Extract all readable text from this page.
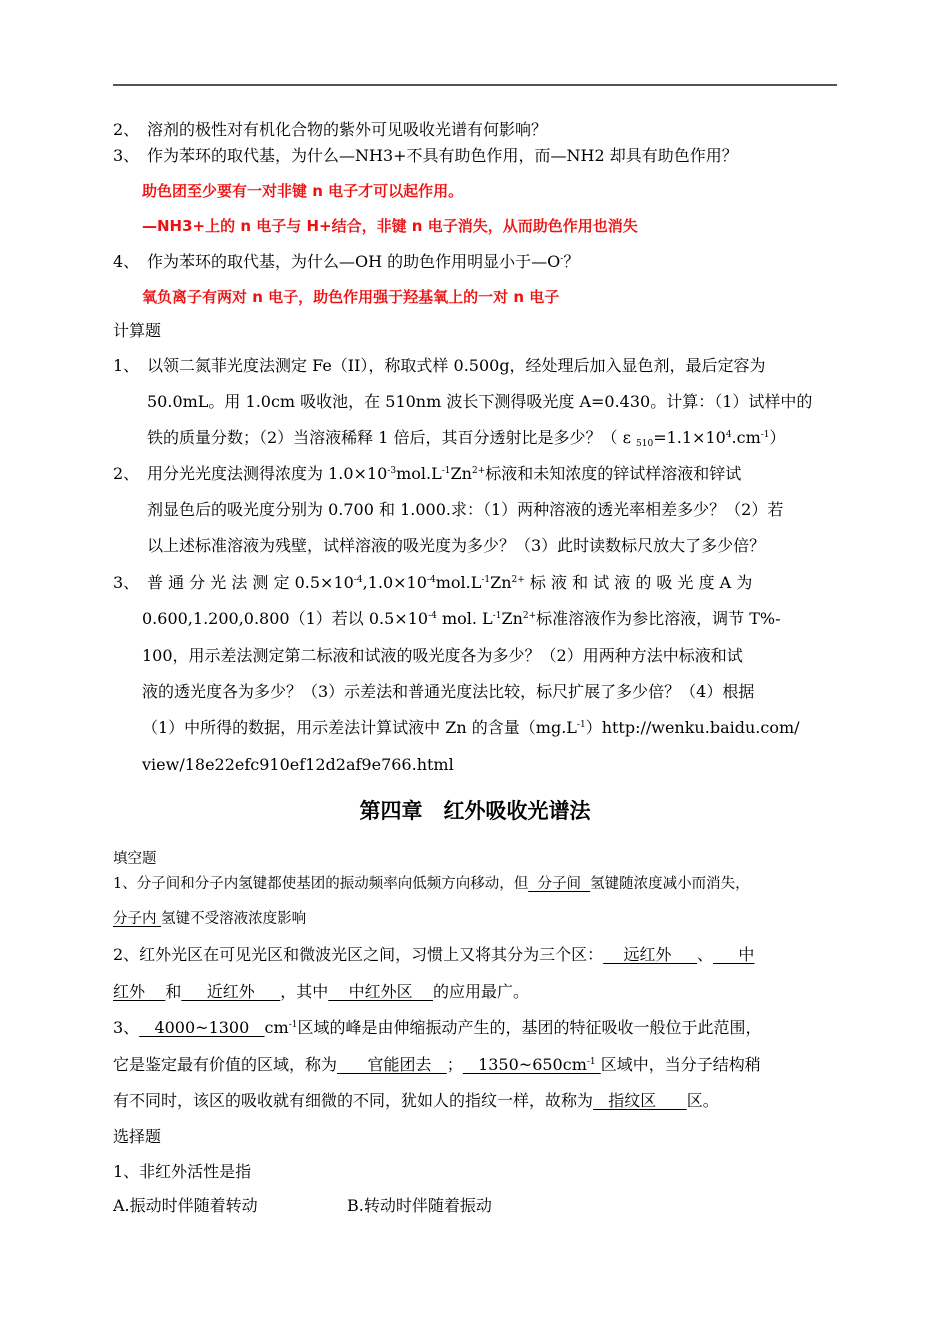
2、 溶剂的极性对有机化合物的紫外可见吸收光谱有何影响？
3、 作为苯环的取代基，为什么—NH3+不具有助色作用，而—NH2 却具有助色作用？
助色团至少要有一对非键 n 电子才可以起作用。
—NH3+上的 n 电子与 H+结合，非键 n 电子消失，从而助色作用也消失
4、 作为苯环的取代基，为什么—OH 的助色作用明显小于—O-？
氧负离子有两对 n 电子，助色作用强于羟基氧上的一对 n 电子
计算题
1、 以领二氮菲光度法测定 Fe（II），称取式样 0.500g，经处理后加入显色剂，最后定容为
50.0mL。用 1.0cm 吸收池，在 510nm 波长下测得吸光度 A=0.430。计算：（1）试样中的
铁的质量分数；（2）当溶液稀释 1 倍后，其百分透射比是多少？（ ε $_{510}=1.1\times 10^4.cm^{-1}$）
2、 用分光光度法测得浓度为 $1.0\times 10^{-3}mol.L^{-1}Zn^{2+}$标液和未知浓度的锌试样溶液和锌试
剂显色后的吸光度分别为 0.700 和 1.000.求：（1）两种溶液的透光率相差多少？（2）若
以上述标准溶液为残壁，试样溶液的吸光度为多少？（3）此时读数标尺放大了多少倍？
3、 普 通 分 光 法 测 定 $0.5\times 10^{-4},1.0\times 10^{-4}mol.L^{-1}Zn^{2+}$ 标 液 和 试 液 的 吸 光 度 A 为
0.600,1.200,0.800（1）若以 $0.5\times 10^{-4}$ mol. $L^{-1}Zn^{2+}$标准溶液作为参比溶液，调节 T%-
100，用示差法测定第二标液和试液的吸光度各为多少？（2）用两种方法中标液和试
液的透光度各为多少？（3）示差法和普通光度法比较，标尺扩展了多少倍？（4）根据
（1）中所得的数据，用示差法计算试液中 Zn 的含量$(mg.L^{-1})http://wenku.baidu.com/$
view/18e22efc910ef12d2af9e766.html
第四章　红外吸收光谱法
填空题
1、分子间和分子内氢键都使基团的振动频率向低频方向移动，但  分子间  氢键随浓度减小而消失，
分子内 氢键不受溶液浓度影响
2、红外光区在可见光区和微波光区之间，习惯上又将其分为三个区：    远红外     、     中
红外    和     近红外     ，其中    中红外区    的应用最广。
3、   4000~1300   $cm^{-1}$区域的峰是由伸缩振动产生的，基团的特征吸收一般位于此范围，
它是鉴定最有价值的区域，称为      官能团去   ；   $1350\sim 650cm^{-1}$ 区域中，当分子结构稍
有不同时，该区的吸收就有细微的不同，犹如人的指纹一样，故称为   指纹区      区。
选择题
1、非红外活性是指
A.振动时伴随着转动	B.转动时伴随着振动
